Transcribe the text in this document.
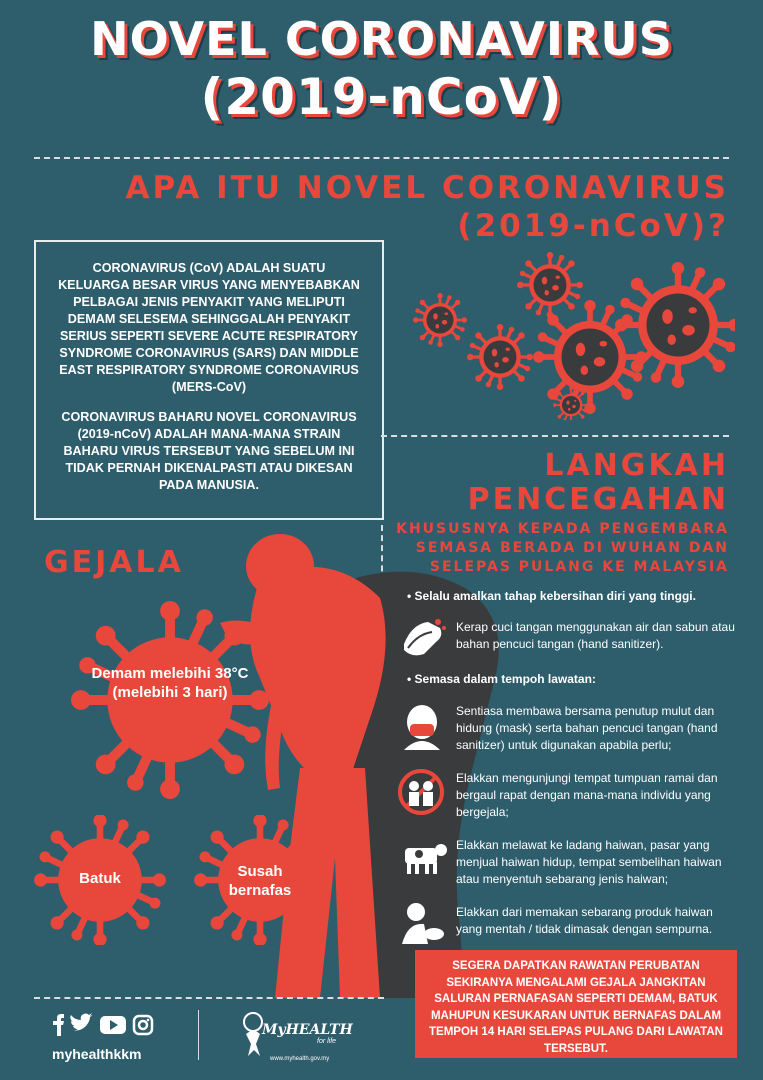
NOVEL CORONAVIRUS
(2019-nCoV)
APA ITU NOVEL CORONAVIRUS
(2019-nCoV)?

CORONAVIRUS (CoV) ADALAH SUATU KELUARGA BESAR VIRUS YANG MENYEBABKAN PELBAGAI JENIS PENYAKIT YANG MELIPUTI DEMAM SELESEMA SEHINGGALAH PENYAKIT SERIUS SEPERTI SEVERE ACUTE RESPIRATORY SYNDROME CORONAVIRUS (SARS) DAN MIDDLE EAST RESPIRATORY SYNDROME CORONAVIRUS (MERS-CoV)

CORONAVIRUS BAHARU NOVEL CORONAVIRUS (2019-nCoV) ADALAH MANA-MANA STRAIN BAHARU VIRUS TERSEBUT YANG SEBELUM INI TIDAK PERNAH DIKENALPASTI ATAU DIKESAN PADA MANUSIA.

GEJALA
Demam melebihi 38°C (melebihi 3 hari)
Batuk	Susah bernafas
LANGKAH
PENCEGAHAN
KHUSUSNYA KEPADA PENGEMBARA
SEMASA BERADA DI WUHAN DAN
SELEPAS PULANG KE MALAYSIA
• Selalu amalkan tahap kebersihan diri yang tinggi.
Kerap cuci tangan menggunakan air dan sabun atau bahan pencuci tangan (hand sanitizer).
• Semasa dalam tempoh lawatan:
Sentiasa membawa bersama penutup mulut dan hidung (mask) serta bahan pencuci tangan (hand sanitizer) untuk digunakan apabila perlu;
Elakkan mengunjungi tempat tumpuan ramai dan bergaul rapat dengan mana-mana individu yang bergejala;
Elakkan melawat ke ladang haiwan, pasar yang menjual haiwan hidup, tempat sembelihan haiwan atau menyentuh sebarang jenis haiwan;
Elakkan dari memakan sebarang produk haiwan yang mentah / tidak dimasak dengan sempurna.
SEGERA DAPATKAN RAWATAN PERUBATAN SEKIRANYA MENGALAMI GEJALA JANGKITAN SALURAN PERNAFASAN SEPERTI DEMAM, BATUK MAHUPUN KESUKARAN UNTUK BERNAFAS DALAM TEMPOH 14 HARI SELEPAS PULANG DARI LAWATAN TERSEBUT.
myhealthkkm
MyHEALTH
for life
www.myhealth.gov.my
